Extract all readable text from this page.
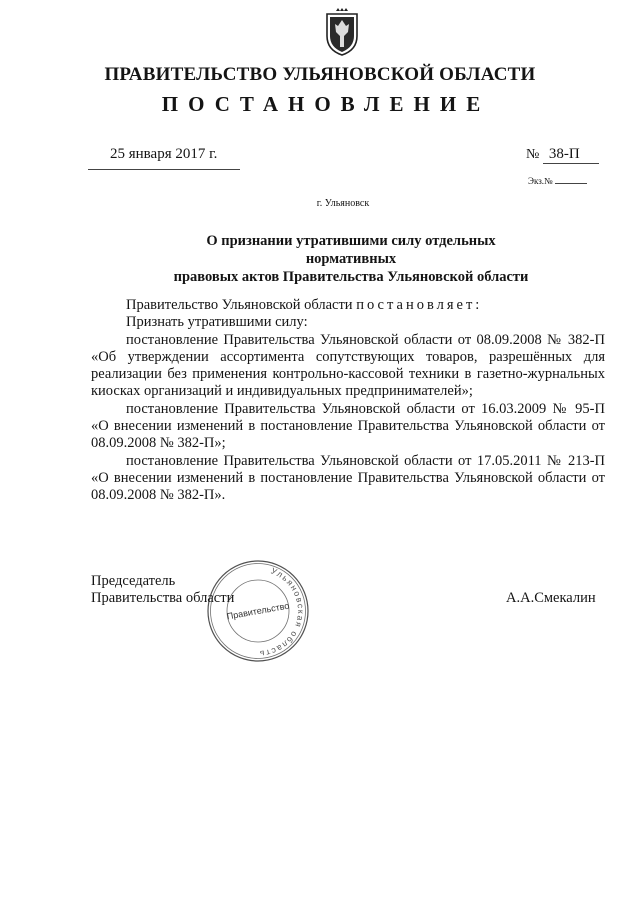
ПРАВИТЕЛЬСТВО УЛЬЯНОВСКОЙ ОБЛАСТИ
ПОСТАНОВЛЕНИЕ
25 января 2017 г.	№ 38-П
Экз.№
г. Ульяновск
О признании утратившими силу отдельных нормативных
правовых актов Правительства Ульяновской области

Правительство Ульяновской области постановляет:

Признать утратившими силу:

постановление Правительства Ульяновской области от 08.09.2008 № 382-П «Об утверждении ассортимента сопутствующих товаров, разрешённых для реализации без применения контрольно-кассовой техники в газетно-журнальных киосках организаций и индивидуальных предпринимателей»;

постановление Правительства Ульяновской области от 16.03.2009 № 95-П «О внесении изменений в постановление Правительства Ульяновской области от 08.09.2008 № 382-П»;

постановление Правительства Ульяновской области от 17.05.2011 № 213-П «О внесении изменений в постановление Правительства Ульяновской области от 08.09.2008 № 382-П».

Председатель
Правительства области	А.А.Смекалин
Ульяновская область
Правительство
